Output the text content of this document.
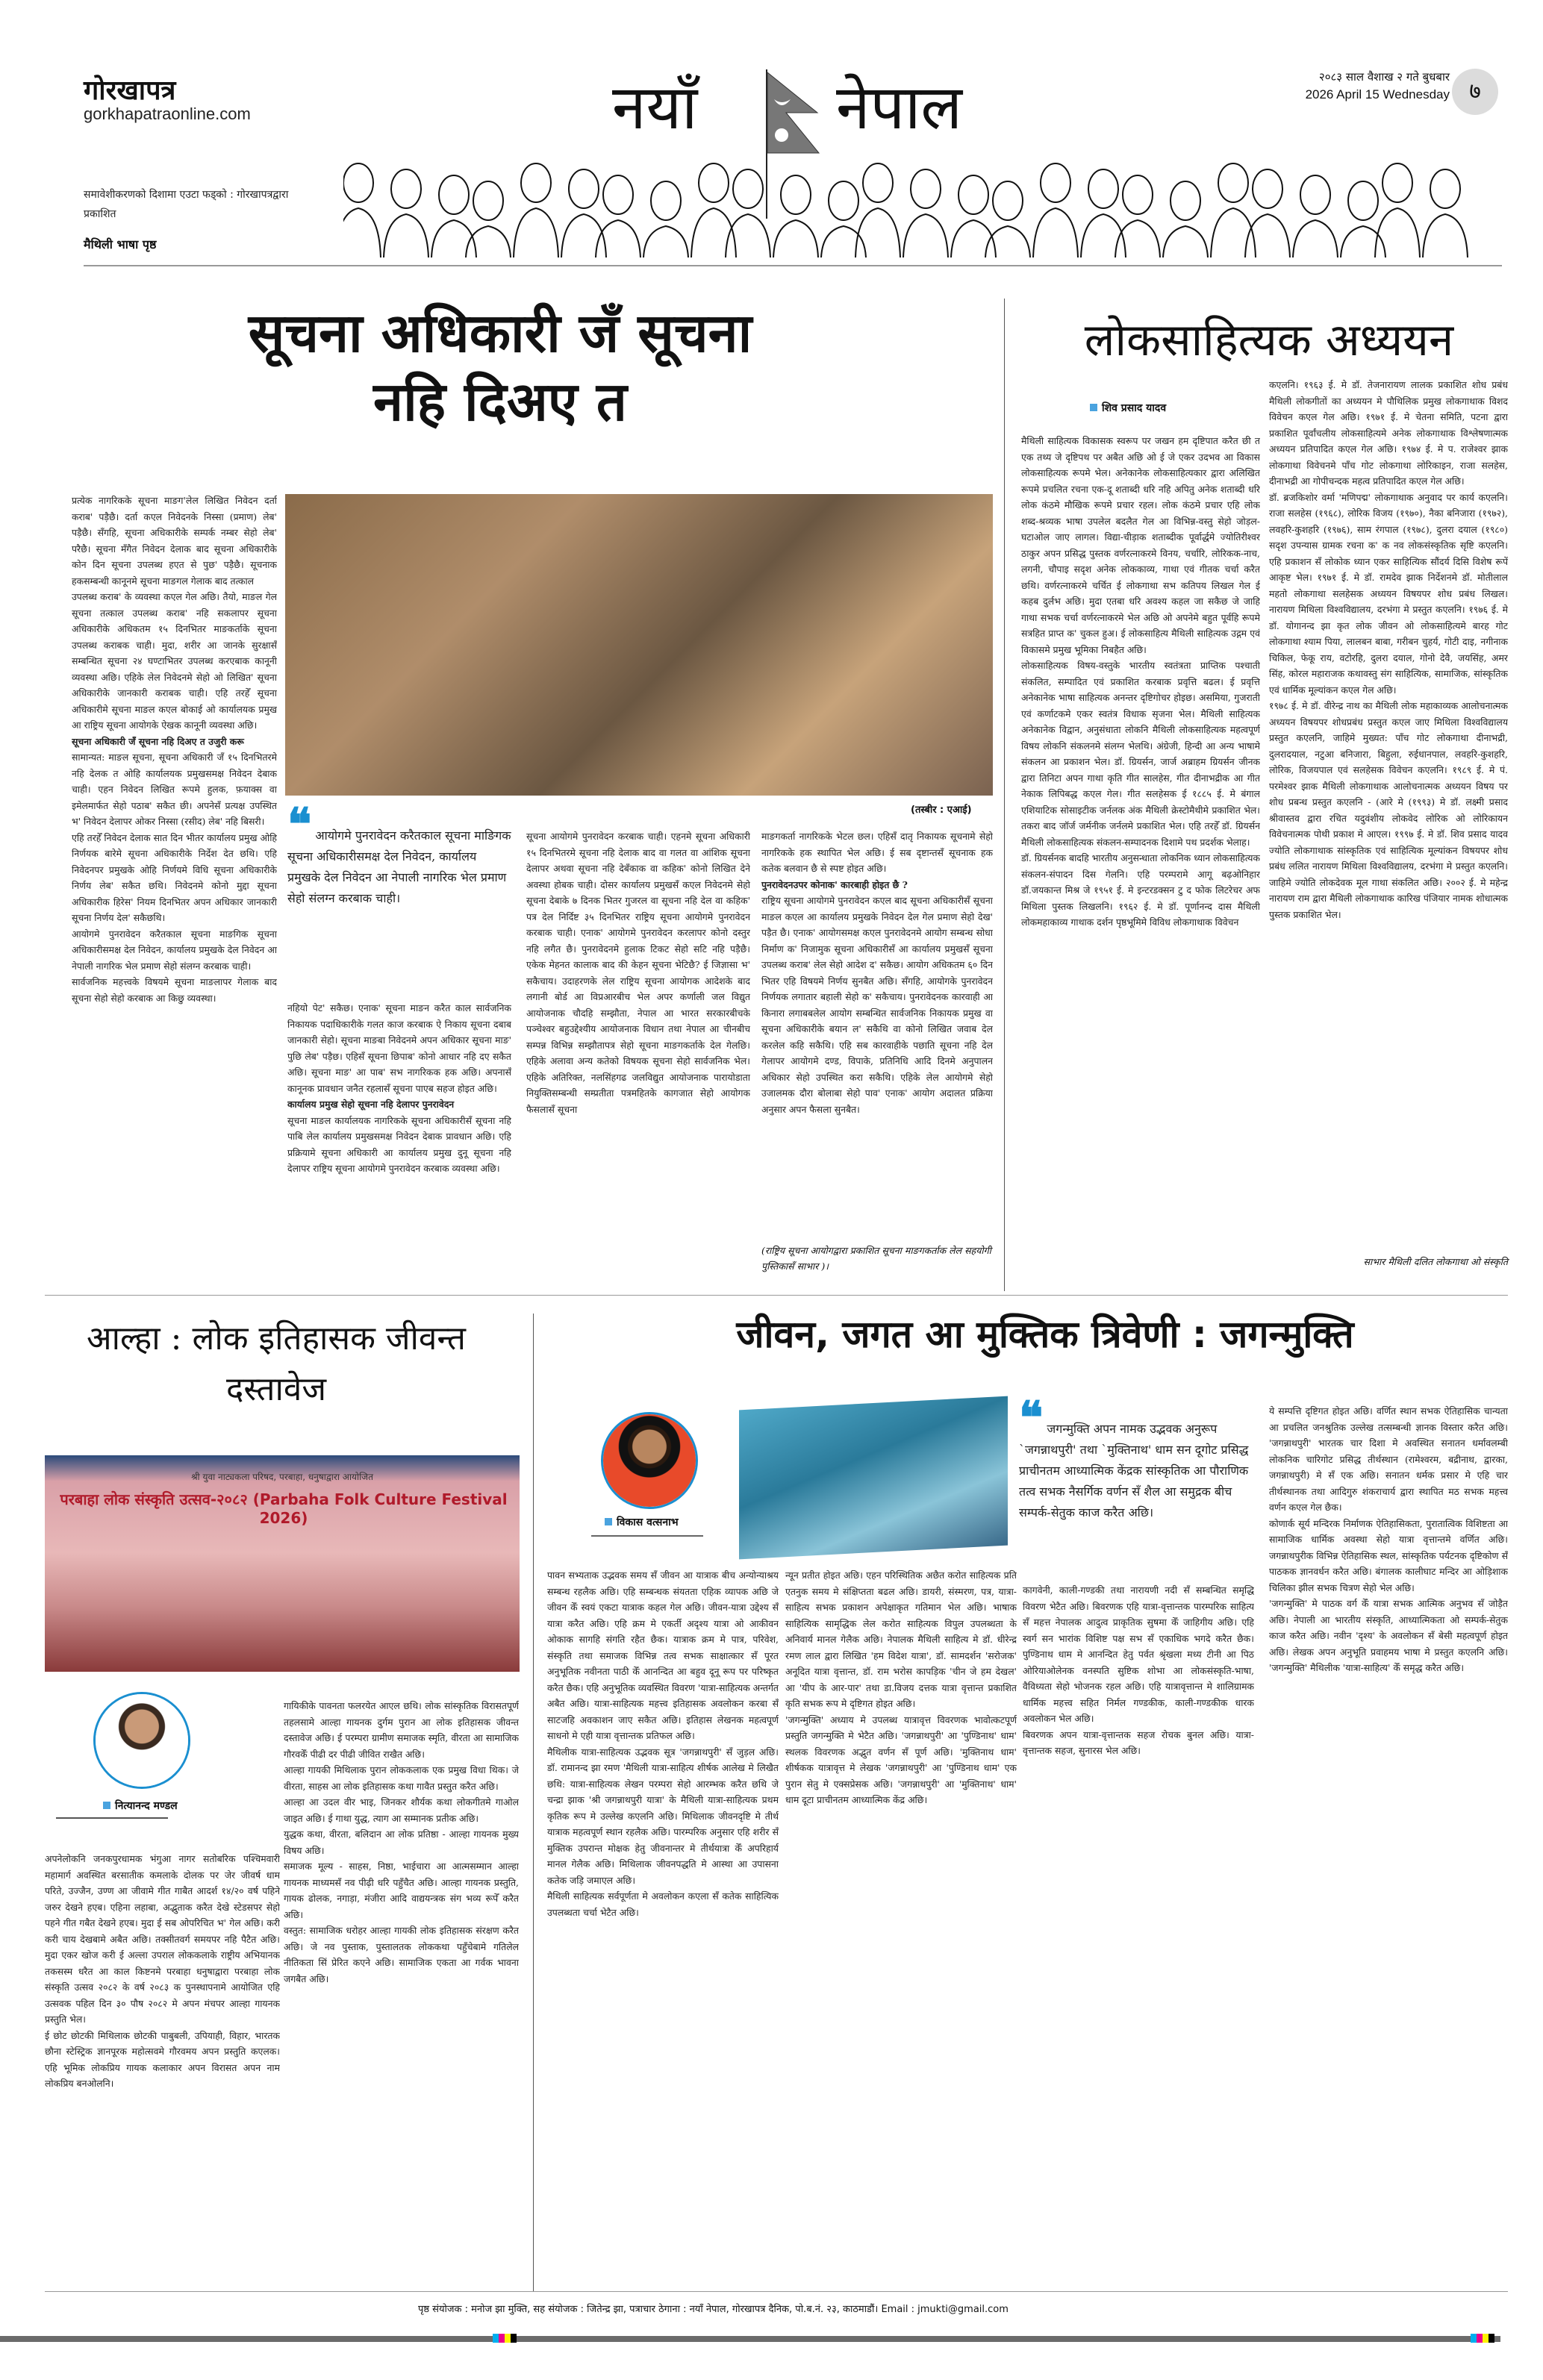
गोरखापत्र
gorkhapatraonline.com
समावेशीकरणको दिशामा एउटा फड्को : गोरखापत्रद्वारा प्रकाशित
मैथिली भाषा पृष्ठ
नयाँ नेपाल	२०८३ साल वैशाख २ गते बुधबार
2026 April 15 Wednesday ७
सूचना अधिकारी जँ सूचना नहि दिअए त
प्रत्येक नागरिकके सूचना माङग'लेल लिखित निवेदन दर्ता कराब' पड़ैछै। दर्ता कएल निवेदनके निस्सा (प्रमाण) लेब' पड़ैछै। सँगहि, सूचना अधिकारीके सम्पर्क नम्बर सेहो लेब' परैछै। सूचना मँगैत निवेदन देलाक बाद सूचना अधिकारीके कोन दिन सूचना उपलब्ध हएत से पुछ' पड़ैछै। सूचनाक हकसम्बन्धी कानूनमे सूचना माङगल गेलाक बाद तत्काल
उपलब्ध कराब' के व्यवस्था कएल गेल अछि। तैयो, माङल गेल सूचना तत्काल उपलब्ध कराब' नहि सकलापर सूचना अधिकारीके अधिकतम १५ दिनभितर माङकर्ताके सूचना उपलब्ध कराबक चाही। मुदा, शरीर आ जानके सुरक्षासँ सम्बन्धित सूचना २४ घण्टाभितर उपलब्ध करएबाक कानूनी व्यवस्था अछि। एहिके लेल निवेदनमे सेहो ओ लिखित' सूचना अधिकारीके जानकारी कराबक चाही। एहि तरहेँ सूचना अधिकारीमे सूचना माङल कएल बोकाई ओ कार्यालयक प्रमुख आ राष्ट्रिय सूचना आयोगके ऐखक कानूनी व्यवस्था अछि।
सूचना अधिकारी जँ सूचना नहि दिअए त उजुरी करू
सामान्यत: माङल सूचना, सूचना अधिकारी जँ १५ दिनभितरमे नहि देलक त ओहि कार्यालयक प्रमुखसमक्ष निवेदन देबाक चाही। एहन निवेदन लिखित रूपमे हुलक, फ़याक्स वा इमेलमार्फत सेहो पठाब' सकैत छी। अपनेसँ प्रत्यक्ष उपस्थित भ' निवेदन देलापर ओकर निस्सा (रसीद) लेब' नहि बिसरी।
एहि तरहेँ निवेदन देलाक सात दिन भीतर कार्यालय प्रमुख ओहि निर्णयक बारेमे सूचना अधिकारीके निर्देश देत छथि। एहि निवेदनपर प्रमुखके ओहि निर्णयमे विधि सूचना अधिकारीके निर्णय लेब' सकैत छथि। निवेदनमे कोनो मुद्दा सूचना अधिकारीक हिरेस' नियम दिनभितर अपन अधिकार जानकारी सूचना निर्णय देल' सकैछथि।
आयोगमे पुनरावेदन करैतकाल सूचना माङगिक सूचना अधिकारीसमक्ष देल निवेदन, कार्यालय प्रमुखके देल निवेदन आ नेपाली नागरिक भेल प्रमाण सेहो संलग्न करबाक चाही।
सार्वजनिक महत्त्वके विषयमे सूचना माङलापर गेलाक बाद सूचना सेहो सेहो करबाक आ किछु व्यवस्था।
(तस्बीर : एआई)
❝ आयोगमे पुनरावेदन करैतकाल सूचना माङिगक सूचना अधिकारीसमक्ष देल निवेदन, कार्यालय प्रमुखके देल निवेदन आ नेपाली नागरिक भेल प्रमाण सेहो संलग्न करबाक चाही।
नहियो पेट' सकैछ। एनाक' सूचना माङन करैत काल सार्वजनिक निकायक पदाधिकारीके गलत काज करबाक ऐ निकाय सूचना दबाब जानकारी सेहो। सूचना माङबा निवेदनमे अपन अधिकार सूचना माङ' पुछि लेब' पड़ैछ। एहिसँ सूचना छिपाब' कोनो आधार नहि दए सकैत अछि। सूचना माङ' आ पाब' सभ नागरिकक हक अछि। अपनासँ कानूनक प्रावधान जनैत रहलासँ सूचना पाएब सहज होइत अछि।
कार्यालय प्रमुख सेहो सूचना नहि देलापर पुनरावेदन
सूचना माङल कार्यालयक नागरिकके सूचना अधिकारीसँ सूचना नहि पाबि लेल कार्यालय प्रमुखसमक्ष निवेदन देबाक प्रावधान अछि। एहि प्रक्रियामे सूचना अधिकारी आ कार्यालय प्रमुख दुनू सूचना नहि देलापर राष्ट्रिय सूचना आयोगमे पुनरावेदन करबाक व्यवस्था अछि।
सूचना आयोगमे पुनरावेदन करबाक चाही। एहनमे सूचना अधिकारी १५ दिनभितरमे सूचना नहि देलाक बाद वा गलत वा आंशिक सूचना देलापर अथवा सूचना नहि देबँकाक वा कहिक' कोनो लिखित देने अवस्था होबक चाही। दोसर कार्यालय प्रमुखसँ कएल निवेदनमे सेहो सूचना देबाके ७ दिनक भितर गुजरल वा सूचना नहि देल वा कहिक' पत्र देल निर्दिष्ट ३५ दिनभितर राष्ट्रिय सूचना आयोगमे पुनरावेदन करबाक चाही। एनाक' आयोगमे पुनरावेदन करलापर कोनो दस्तुर नहि लगैत छै। पुनरावेदनमे हुलाक टिकट सेहो सटि नहि पड़ैछै। एकेक मेहनत कालाक बाद की केहन सूचना भेटिछै? ई जिज्ञासा भ' सकैचाय। उदाहरणके लेल राष्ट्रिय सूचना आयोगक आदेशके बाद लगानी बोर्ड आ विप्रआरबीच भेल अपर कर्णाली जल विद्युत आयोजनाक चौदहि सम्झौता, नेपाल आ भारत सरकारबीचके पञ्चेश्वर बहुउद्देश्यीय आयोजनाक विधान तथा नेपाल आ चीनबीच सम्पन्न विभिन्न सम्झौतापत्र सेहो सूचना माङगकर्ताके देल गेलछि। एहिके अलावा अन्य कतेको विषयक सूचना सेहो सार्वजनिक भेल। एहिके अतिरिक्त, नलसिंहगढ जलविद्युत आयोजनाक पारायोडाता नियुक्तिसम्बन्धी सम्प्रतीता पत्रमहितके कागजात सेहो आयोगक फैसलासँ सूचना
माङगकर्ता नागरिकके भेटल छल। एहिसँ दातृ निकायक सूचनामे सेहो नागरिकके हक स्थापित भेल अछि। ई सब दृष्टान्तसँ सूचनाक हक कतेक बलवान छै से स्पष्ट होइत अछि।
पुनरावेदनउपर कोनाक' कारबाही होइत छै ?
राष्ट्रिय सूचना आयोगमे पुनरावेदन कएल बाद सूचना अधिकारीसँ सूचना माङल कएल आ कार्यालय प्रमुखके निवेदन देल गेल प्रमाण सेहो देख' पड़ैत छै। एनाक' आयोगसमक्ष कएल पुनरावेदनमे आयोग सम्बन्ध सोधा निर्माण क' निजामुक सूचना अधिकारीसँ आ कार्यालय प्रमुखसँ सूचना उपलब्ध कराब' लेल सेहो आदेश द' सकैछ। आयोग अधिकतम ६० दिन भितर एहि विषयमे निर्णय सुनबैत अछि। सँगहि, आयोगके पुनरावेदन निर्णयक लगातार बहाली सेहो क' सकैचाय। पुनरावेदनक कारवाही आ किनारा लगाबबलेल आयोग सम्बन्धित सार्वजनिक निकायक प्रमुख वा सूचना अधिकारीके बयान ल' सकैथि वा कोनो लिखित जवाब देल करलेल कहि सकैथि। एहि सब कारवाहीके पछाति सूचना नहि देल गेलापर आयोगमे दण्ड, विपाके, प्रतिनिधि आदि दिनमे अनुपालन अधिकार सेहो उपस्थित करा सकैथि। एहिके लेल आयोगमे सेहो उजालमक दौरा बोलाबा सेहो पाव' एनाक' आयोग अदालत प्रक्रिया अनुसार अपन फैसला सुनबैत।
(राष्ट्रिय सूचना आयोगद्वारा प्रकाशित सूचना माङगकर्ताक लेल सहयोगी पुस्तिकासँ साभार )।
लोकसाहित्यक अध्ययन
शिव प्रसाद यादव
मैथिली साहित्यक विकासक स्वरूप पर जखन हम दृष्टिपात करैत छी त एक तथ्य जे दृष्टिपथ पर अबैत अछि ओ ई जे एकर उदभव आ विकास लोकसाहित्यक रूपमे भेल। अनेकानेक लोकसाहित्यकार द्वारा अलिखित रूपमे प्रचलित रचना एक-दू शताब्दी धरि नहि अपितु अनेक शताब्दी धरि लोक कंठमे मौखिक रूपमे प्रचार रहल। लोक कंठमे प्रचार एहि लोक शब्द-श्रव्यक भाषा उपलेल बदलैत गेल आ विभिन्न-वस्तु सेहो जोड़ल-घटाओल जाए लागल। विद्या-चीड़ाक शताब्दीक पूर्वार्द्धमे ज्योतिरीश्वर ठाकुर अपन प्रसिद्ध पुस्तक वर्णरत्नाकरमे विनय, चर्चारि, लोरिकक-नाच, लगनी, चौपाइ सदृश अनेक लोककाव्य, गाथा एवं गीतक चर्चा करैत छथि। वर्णरत्नाकरमे चर्चित ई लोकगाथा सभ कतिपय लिखल गेल ई कहब दुर्लभ अछि। मुदा एतबा धरि अवश्य कहल जा सकैछ जे जाहि गाथा सभक चर्चा वर्णरत्नाकरमे भेल अछि ओ अपनेमे बहुत पूर्वहि रूपमे सत्रहित प्राप्त क' चुकल हुअ। ई लोकसाहित्य मैथिली साहित्यक उद्गम एवं विकासमे प्रमुख भूमिका निबहैत अछि।
लोकसाहित्यक विषय-वस्तुके भारतीय स्वतंत्रता प्राप्तिक पश्चाती संकलित, सम्पादित एवं प्रकाशित करबाक प्रवृत्ति बढल। ई प्रवृत्ति अनेकानेक भाषा साहित्यक अनन्तर दृष्टिगोचर होइछ। असमिया, गुजराती एवं कर्णाटकमे एकर स्वतंत्र विधाक सृजना भेल। मैथिली साहित्यक अनेकानेक विद्वान, अनुसंधाता लोकनि मैथिली लोकसाहित्यक महत्वपूर्ण विषय लोकनि संकलनमे संलग्न भेलथि। अंग्रेजी, हिन्दी आ अन्य भाषामे संकलन आ प्रकाशन भेल। डॉ. ग्रियर्सन, जार्ज अब्राहम ग्रियर्सन जीनक द्वारा तिनिटा अपन गाथा कृति गीत सालहेस, गीत दीनाभद्रीक आ गीत नेकाक लिपिबद्ध कएल गेल। गीत सलहेसक ई १८८५ ई. मे बंगाल एशियाटिक सोसाइटीक जर्नलक अंक मैथिली क्रेस्टोमैथीमे प्रकाशित भेल। तकरा बाद जॉर्ज जर्मनीक जर्नलमे प्रकाशित भेल। एहि तरहेँ डॉ. ग्रियर्सन मैथिली लोकसाहित्यक संकलन-सम्पादनक दिशामे पथ प्रदर्शक भेलाह।
डॉ. ग्रियर्सनक बादहि भारतीय अनुसन्धाता लोकनिक ध्यान लोकसाहित्यक संकलन-संपादन दिस गेलनि। एहि परम्परामे आगू बढ़ओनिहार डॉ.जयकान्त मिश्र जे १९५१ ई. मे इन्टरडक्सन टु द फोक लिटरेचर अफ मिथिला पुस्तक लिखलनि। १९६२ ई. मे डॉ. पूर्णानन्द दास मैथिली लोकमहाकाव्य गाथाक दर्शन पृष्ठभूमिमे विविध लोकगाथाक विवेचन
कएलनि। १९६३ ई. मे डॉ. तेजनारायण लालक प्रकाशित शोध प्रबंध मैथिली लोकगीतों का अध्ययन मे पौथिलिक प्रमुख लोकगाथाक विशद विवेचन कएल गेल अछि। १९७१ ई. मे चेतना समिति, पटना द्वारा प्रकाशित पूर्वांचलीय लोकसाहित्यमे अनेक लोकगाथाक विश्लेषणात्मक अध्ययन प्रतिपादित कएल गेल अछि। १९७४ ई. मे प. राजेश्वर झाक लोकगाथा विवेचनमे पाँच गोट लोकगाथा लोरिकाइन, राजा सलहेस, दीनाभद्री आ गोपीचन्दक महत्व प्रतिपादित कएल गेल अछि।
डॉ. ब्रजकिशोर वर्मा 'मणिपद्म' लोकगाथाक अनुवाद पर कार्य कएलनि। राजा सलहेस (१९६८), लोरिक विजय (१९७०), नैका बनिजारा (१९७२), लवहरि-कुशहरि (१९७६), साम रंगपाल (१९७८), दुलरा दयाल (१९८०) सदृश उपन्यास ग्रामक रचना क' क नव लोकसंस्कृतिक सृष्टि कएलनि। एहि प्रकाशन सँ लोकोक ध्यान एकर साहित्यिक सौंदर्य दिसि विशेष रूपें आकृष्ट भेल। १९७१ ई. मे डॉ. रामदेव झाक निर्देशनमे डॉ. मोतीलाल महतो लोकगाथा सलहेसक अध्ययन विषयपर शोध प्रबंध लिखल। नारायण मिथिला विश्वविद्यालय, दरभंगा मे प्रस्तुत कएलनि। १९७६ ई. मे डॉ. योगानन्द झा कृत लोक जीवन ओ लोकसाहित्यमे बारह गोट लोकगाथा श्याम पिया, लालबन बाबा, गरीबन चुहर्य, गोटी दाइ, नगीनाक चिकिल, फेकू राय, वटोरहि, दुलरा दयाल, गोनो देवै, जयसिंह, अमर सिंह, कोरल महाराजक कथावस्तु संग साहित्यिक, सामाजिक, सांस्कृतिक एवं धार्मिक मूल्यांकन कएल गेल अछि।
१९७८ ई. मे डॉ. वीरेन्द्र नाथ का मैथिली लोक महाकाव्यक आलोचनात्मक अध्ययन विषयपर शोधप्रबंध प्रस्तुत कएल जाए मिथिला विश्वविद्यालय प्रस्तुत कएलनि, जाहिमे मुख्यत: पाँच गोट लोकगाथा दीनाभद्री, दुलरादयाल, नटुआ बनिजारा, बिहुला, रुईधानपाल, लवहरि-कुशहरि, लोरिक, विजयपाल एवं सलहेसक विवेचन कएलनि। १९८९ ई. मे पं. परमेश्वर झाक मैथिली लोकगाथाक आलोचनात्मक अध्ययन विषय पर शोध प्रबन्ध प्रस्तुत कएलनि - (आरे मे (१९९३) मे डॉ. लक्ष्मी प्रसाद श्रीवास्तव द्वारा रचित यदुवंशीय लोकवेद लोरिक ओ लोरिकायन विवेचनात्मक पोथी प्रकाश मे आएल। १९९७ ई. मे डॉ. शिव प्रसाद यादव ज्योति लोकगाथाक सांस्कृतिक एवं साहित्यिक मूल्यांकन विषयपर शोध प्रबंध ललित नारायण मिथिला विश्वविद्यालय, दरभंगा मे प्रस्तुत कएलनि। जाहिमे ज्योति लोकदेवक मूल गाथा संकलित अछि। २००२ ई. मे महेन्द्र नारायण राम द्वारा मैथिली लोकगाथाक कारिख पंजियार नामक शोधात्मक पुस्तक प्रकाशित भेल।
साभार मैथिली दलित लोकगाथा ओ संस्कृति
आल्हा : लोक इतिहासक जीवन्त दस्तावेज
श्री युवा नाट्यकला परिषद, परबाहा, धनुषाद्वारा आयोजित
परबाहा लोक संस्कृति उत्सव-२०८२ (Parbaha Folk Culture Festival 2026)
नित्यानन्द मण्डल
अपनेलोकनि जनकपुरधामक भंगुआ नागर सतोबरिक पश्चिमवारी महामार्ग अवस्थित बरसातीक कमलाके दोलक पर जेर जीवर्ष धाम परिते, उज्जैन, उण्ण आ जीवामे गीत गाबैत आदर्श १४/२० वर्ष पहिने जरुर देखने हएब। एहिना लहाबा, अद्भुताक करैत देखे स्टेडसपर सेहो पहने गीत गबैत देखने हएब। मुदा ई सब ओपरिचित भ' गेल अछि। करी करी चाय देखबामे अबैत अछि। तक्सीतवर्ग समयपर नहि पैटैत अछि। मुदा एकर खोज करी ई अल्ला उपराल लोककलाके राष्ट्रीय अभियानक तकसस्म धरैत आ काल किष्टनमे परबाहा धनुषाद्वारा परबाहा लोक संस्कृति उत्सव २०८२ के वर्ष २०८३ क पुनस्थापनामे आयोजित एहि उत्सवक पहिल दिन ३० पौष २०८२ मे अपन मंचपर आल्हा गायनक प्रस्तुति भेल।
ई छोट छोटकी मिथिलाक छोटकी पाबुबली, उपियाही, विहार, भारतक छौना स्टेस्ट्रिक ज्ञानपूरक महोत्सवमे गौरवमय अपन प्रस्तुति कएलक। एहि भूमिक लोकप्रिय गायक कलाकार अपन विरासत अपन नाम लोकप्रिय बनओलनि।
गायिकीके पावनता फलरयेत आएल छथि। लोक सांस्कृतिक विरासतपूर्ण तहलसामे आल्हा गायनक दुर्गम पुरान आ लोक इतिहासक जीवन्त दस्तावेज अछि। ई परम्परा ग्रामीण समाजक स्मृति, वीरता आ सामाजिक गौरवकेँ पीढी दर पीढी जीवित राखैत अछि।
आल्हा गायकी मिथिलाक पुरान लोककलाक एक प्रमुख विधा थिक। जे वीरता, साहस आ लोक इतिहासक कथा गावैत प्रस्तुत करैत अछि।
आल्हा आ उदल वीर भाइ, जिनकर शौर्यक कथा लोकगीतमे गाओल जाइत अछि। ई गाथा युद्ध, त्याग आ सम्मानक प्रतीक अछि।
युद्धक कथा, वीरता, बलिदान आ लोक प्रतिष्ठा - आल्हा गायनक मुख्य विषय अछि।
समाजक मूल्य - साहस, निष्ठा, भाईचारा आ आत्मसम्मान आल्हा गायनक माध्यमसँ नव पीढ़ी धरि पहुँचैत अछि। आल्हा गायनक प्रस्तुति, गायक ढोलक, नगाड़ा, मंजीरा आदि वाद्ययन्त्रक संग भव्य रूपेँ करैत अछि।
वस्तुत: सामाजिक धरोहर आल्हा गायकी लोक इतिहासक संरक्षण करैत अछि। जे नव पुस्ताक, पुस्तालतक लोककथा पहुँचेबामे गतिलेल नीतिकता सिं प्रेरित कएने अछि। सामाजिक एकता आ गर्वक भावना जगबैत अछि।
जीवन, जगत आ मुक्तिक त्रिवेणी : जगन्मुक्ति
विकास वत्सनाभ
❝ जगन्मुक्ति अपन नामक उद्भवक अनुरूप `जगन्नाथपुरी' तथा `मुक्तिनाथ' धाम सन दूगोट प्रसिद्ध प्राचीनतम आध्यात्मिक केंद्रक सांस्कृतिक आ पौराणिक तत्व सभक नैसर्गिक वर्णन सँ शैल आ समुद्रक बीच सम्पर्क-सेतुक काज करैत अछि।
पावन सभ्यताक उद्भवक समय सँ जीवन आ यात्राक बीच अन्योन्याश्रय सम्बन्ध रहलैक अछि। एहि सम्बन्धक संयतता एहिक व्यापक अछि जे जीवन केँ स्वयं एकटा यात्राक कहल गेल अछि। जीवन-यात्रा उद्देश्य सँ यात्रा करैत अछि। एहि क्रम मे एकर्ती अदृश्य यात्रा ओ आकीवन ओकाक सागहि संगति रहैत छैक। यात्राक क्रम मे पात्र, परिवेश, संस्कृति तथा समाजक विभिन्न तत्व सभक साक्षात्कार सँ पूरत अनुभूतिक नवीनता पाठी केँ आनन्दित आ बहुव दूनू रूप पर परिष्कृत करैत छैक। एहि अनुभूतिक व्यवस्थित विवरण 'यात्रा-साहित्यक अन्तर्गत अबैत अछि। यात्रा-साहित्यक महत्त्व इतिहासक अवलोकन करबा सँ साटजहि अवकाशन जाए सकैत अछि। इतिहास लेखनक महत्वपूर्ण साधनो मे एही यात्रा वृत्तान्तक प्रतिफल अछि।
मैथिलीक यात्रा-साहित्यक उद्भवक सूत्र 'जगन्नाथपुरी' सँ जुड़ल अछि। डॉ. रामानन्द झा रमण 'मैथिली यात्रा-साहित्य शीर्षक आलेख मे लिखैत छथि: यात्रा-साहित्यक लेखन परम्परा सेहो आरम्भक करैत छथि जे चन्द्रा झाक 'श्री जगन्नाथपुरी यात्रा' के मैथिली यात्रा-साहित्यक प्रथम कृतिक रूप मे उल्लेख कएलनि अछि। मिथिलाक जीवनदृष्टि मे तीर्थ यात्राक महत्वपूर्ण स्थान रहलैक अछि। पारम्परिक अनुसार एहि शरीर सँ मुक्तिक उपरान्त मोक्षक हेतु जीवनान्तर मे तीर्थयात्रा केँ अपरिहार्य मानल गेलैक अछि। मिथिलाक जीवनपद्धति मे आस्था आ उपासना कतेक जड़ि जमाएल अछि।
मैथिली साहित्यक सर्वपूर्णता मे अवलोकन कएला सँ कतेक साहित्यिक उपलब्धता चर्चा भेटैत अछि।
न्यून प्रतीत होइत अछि। एहन परिस्थितिक अछैत करोत साहित्यक प्रति एतनुक समय मे संक्षिप्तता बढल अछि। डायरी, संस्मरण, पत्र, यात्रा-साहित्य सभक प्रकाशन अपेक्षाकृत गतिमान भेल अछि। भाषाक साहित्यिक सामृद्धिक लेल करोत साहित्यक विपुल उपलब्धता के अनिवार्य मानल गेलैक अछि। नेपालक मैथिली साहित्य मे डॉ. धीरेन्द्र रमण लाल द्वारा लिखित 'हम विदेश यात्रा', डॉ. सामदर्शन 'सरोजक' अनूदित यात्रा वृत्तान्त, डॉ. राम भरोस कापड़िक 'चीन जे हम देखल' आ 'यीप के आर-पार' तथा डा.विजय दत्तक यात्रा वृत्तान्त प्रकाशित कृति सभक रूप मे दृष्टिगत होइत अछि।
'जगन्मुक्ति' अध्याय मे उपलब्ध यात्रावृत्त विवरणक भावोत्कटपूर्ण प्रस्तुति जगन्मुक्ति मे भेटैत अछि। 'जगन्नाथपुरी' आ 'पुण्डिनाथ' धाम' स्थलक विवरणक अद्भुत वर्णन सँ पूर्ण अछि। 'मुक्तिनाथ धाम' शीर्षकक यात्रावृत्त मे लेखक 'जगन्नाथपुरी' आ 'पुण्डिनाथ धाम' एक पुरान सेतु मे एक्सप्रेसक अछि। 'जगन्नाथपुरी' आ 'मुक्तिनाथ' धाम' धाम दूटा प्राचीनतम आध्यात्मिक केंद्र अछि।
कागवेनी, काली-गण्डकी तथा नारायणी नदी सँ सम्बन्धित समृद्धि विवरण भेटैत अछि। बिवरणक एहि यात्रा-वृत्तान्तक पारम्परिक साहित्य सँ महत्त नेपालक आदुत्व प्राकृतिक सुषमा केँ जाहिगीय अछि। एहि स्वर्ग सन भारांक विशिष्ट पक्ष सभ सँ एकाधिक भगदे करैत छैक। पुण्डिनाथ धाम मे आनन्दित हेतु पर्वत श्रृंखला मध्य टीनी आ पिठ ओरियाओलेनक वनस्पति सुष्टिक शोभा आ लोकसंस्कृति-भाषा, वैविध्यता सेहो भोजनक रहल अछि। एहि यात्रावृत्तान्त मे शालिग्रामक धार्मिक महत्त्व सहित निर्मल गण्डकीक, काली-गण्डकीक धारक अवलोकन भेल अछि।
बिवरणक अपन यात्रा-वृत्तान्तक सहज रोचक बुनल अछि। यात्रा-वृत्तान्तक सहज, सुनारस भेल अछि।
ये सम्पत्ति दृष्टिगत होइत अछि। वर्णित स्थान सभक ऐतिहासिक चान्यता आ प्रचलित जनश्रुतिक उल्लेख तत्सम्बन्धी ज्ञानक विस्तार करैत अछि। 'जगन्नाथपुरी' भारतक चार दिशा मे अवस्थित सनातन धर्मावलम्बी लोकनिक चारिगोट प्रसिद्ध तीर्थस्थान (रामेश्वरम, बद्रीनाथ, द्वारका, जगन्नाथपुरी) मे सँ एक अछि। सनातन धर्मक प्रसार मे एहि चार तीर्थस्थानक तथा आदिगुरु शंकराचार्य द्वारा स्थापित मठ सभक महत्त्व वर्णन कएल गेल छैक।
कोणार्क सूर्य मन्दिरक निर्माणक ऐतिहासिकता, पुरातात्विक विशिष्टता आ सामाजिक धार्मिक अवस्था सेहो यात्रा वृत्तान्तमे वर्णित अछि। जगन्नाथपुरीक विभिन्न ऐतिहासिक स्थल, सांस्कृतिक पर्यटनक दृष्टिकोण सँ पाठकक ज्ञानवर्धन करैत अछि। बंगालक कालीघाट मन्दिर आ ओड़िशाक चिलिका झील सभक चित्रण सेहो भेल अछि।
'जगन्मुक्ति' मे पाठक वर्ग केँ यात्रा सभक आत्मिक अनुभव सँ जोड़ैत अछि। नेपाली आ भारतीय संस्कृति, आध्यात्मिकता ओ सम्पर्क-सेतुक काज करैत अछि। नवीन 'दृश्य' के अवलोकन सँ बेसी महत्वपूर्ण होइत अछि। लेखक अपन अनुभूति प्रवाहमय भाषा मे प्रस्तुत कएलनि अछि। 'जगन्मुक्ति' मैथिलीक 'यात्रा-साहित्य' केँ समृद्ध करैत अछि।
पृष्ठ संयोजक : मनोज झा मुक्ति, सह संयोजक : जितेन्द्र झा, पत्राचार ठेगाना : नयाँ नेपाल, गोरखापत्र दैनिक, पो.ब.नं. २३, काठमाडौं। Email : jmukti@gmail.com
